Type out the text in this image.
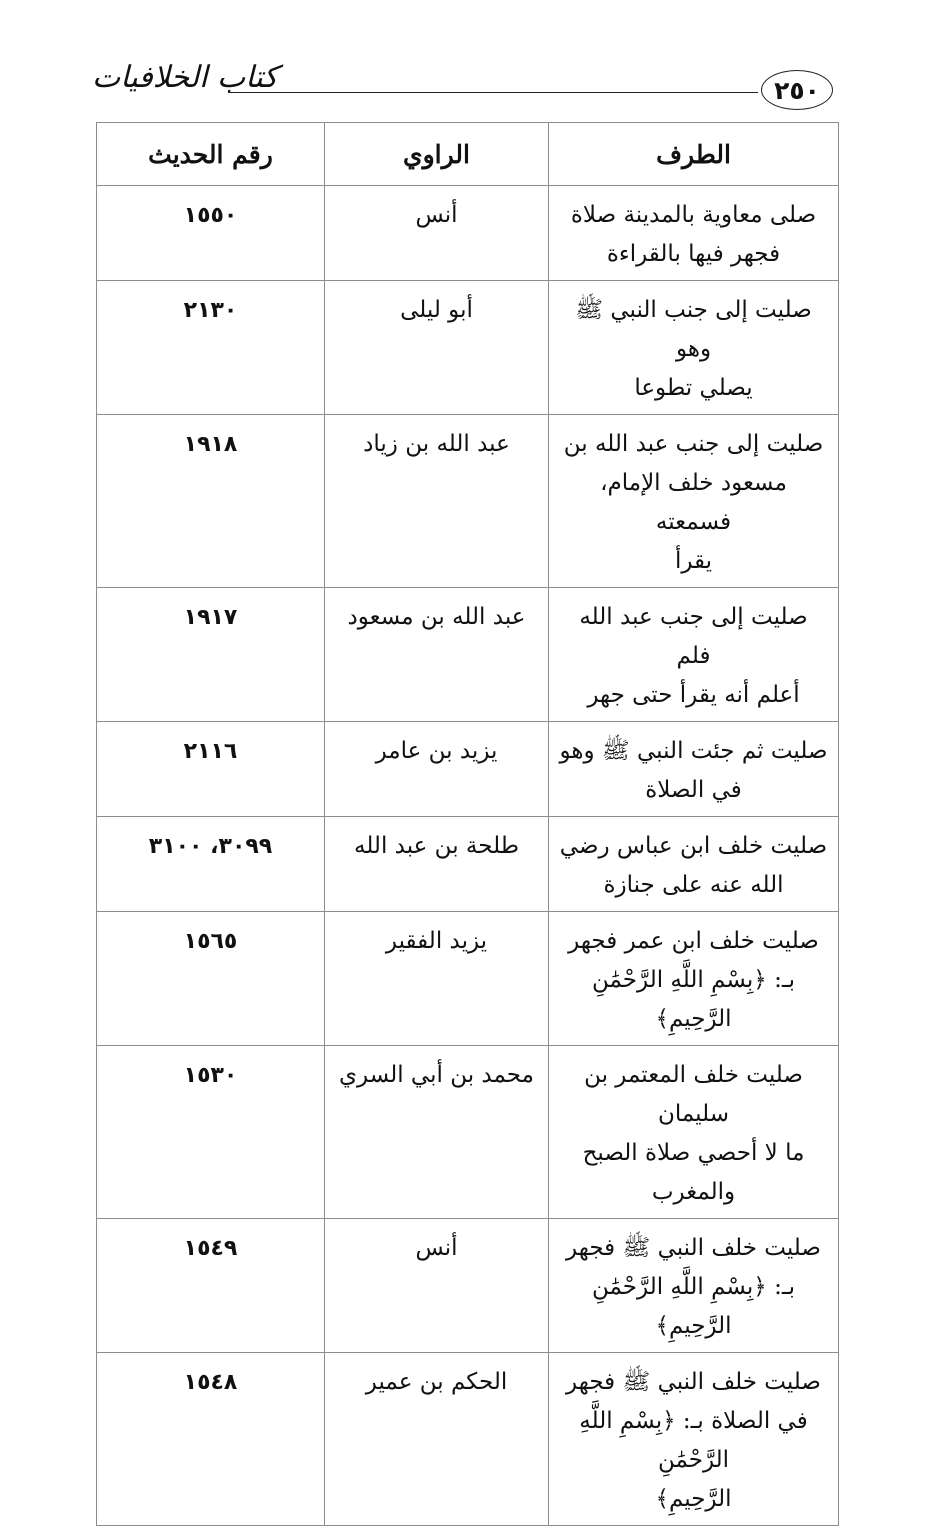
كتاب الخلافيات	٢٥٠
الطرف	الراوي	رقم الحديث

صلى معاوية بالمدينة صلاة
فجهر فيها بالقراءة	أنس	١٥٥٠

صليت إلى جنب النبي ﷺ وهو
يصلي تطوعا	أبو ليلى	٢١٣٠

صليت إلى جنب عبد الله بن
مسعود خلف الإمام، فسمعته
يقرأ	عبد الله بن زياد	١٩١٨

صليت إلى جنب عبد الله فلم
أعلم أنه يقرأ حتى جهر	عبد الله بن مسعود	١٩١٧

صليت ثم جئت النبي ﷺ وهو
في الصلاة	يزيد بن عامر	٢١١٦

صليت خلف ابن عباس رضي
الله عنه على جنازة	طلحة بن عبد الله	٣٠٩٩، ٣١٠٠

صليت خلف ابن عمر فجهر
بـ: ﴿بِسْمِ اللَّهِ الرَّحْمَٰنِ الرَّحِيمِ﴾	يزيد الفقير	١٥٦٥

صليت خلف المعتمر بن سليمان
ما لا أحصي صلاة الصبح
والمغرب	محمد بن أبي السري	١٥٣٠

صليت خلف النبي ﷺ فجهر
بـ: ﴿بِسْمِ اللَّهِ الرَّحْمَٰنِ الرَّحِيمِ﴾	أنس	١٥٤٩

صليت خلف النبي ﷺ فجهر
في الصلاة بـ: ﴿بِسْمِ اللَّهِ الرَّحْمَٰنِ
الرَّحِيمِ﴾	الحكم بن عمير	١٥٤٨
